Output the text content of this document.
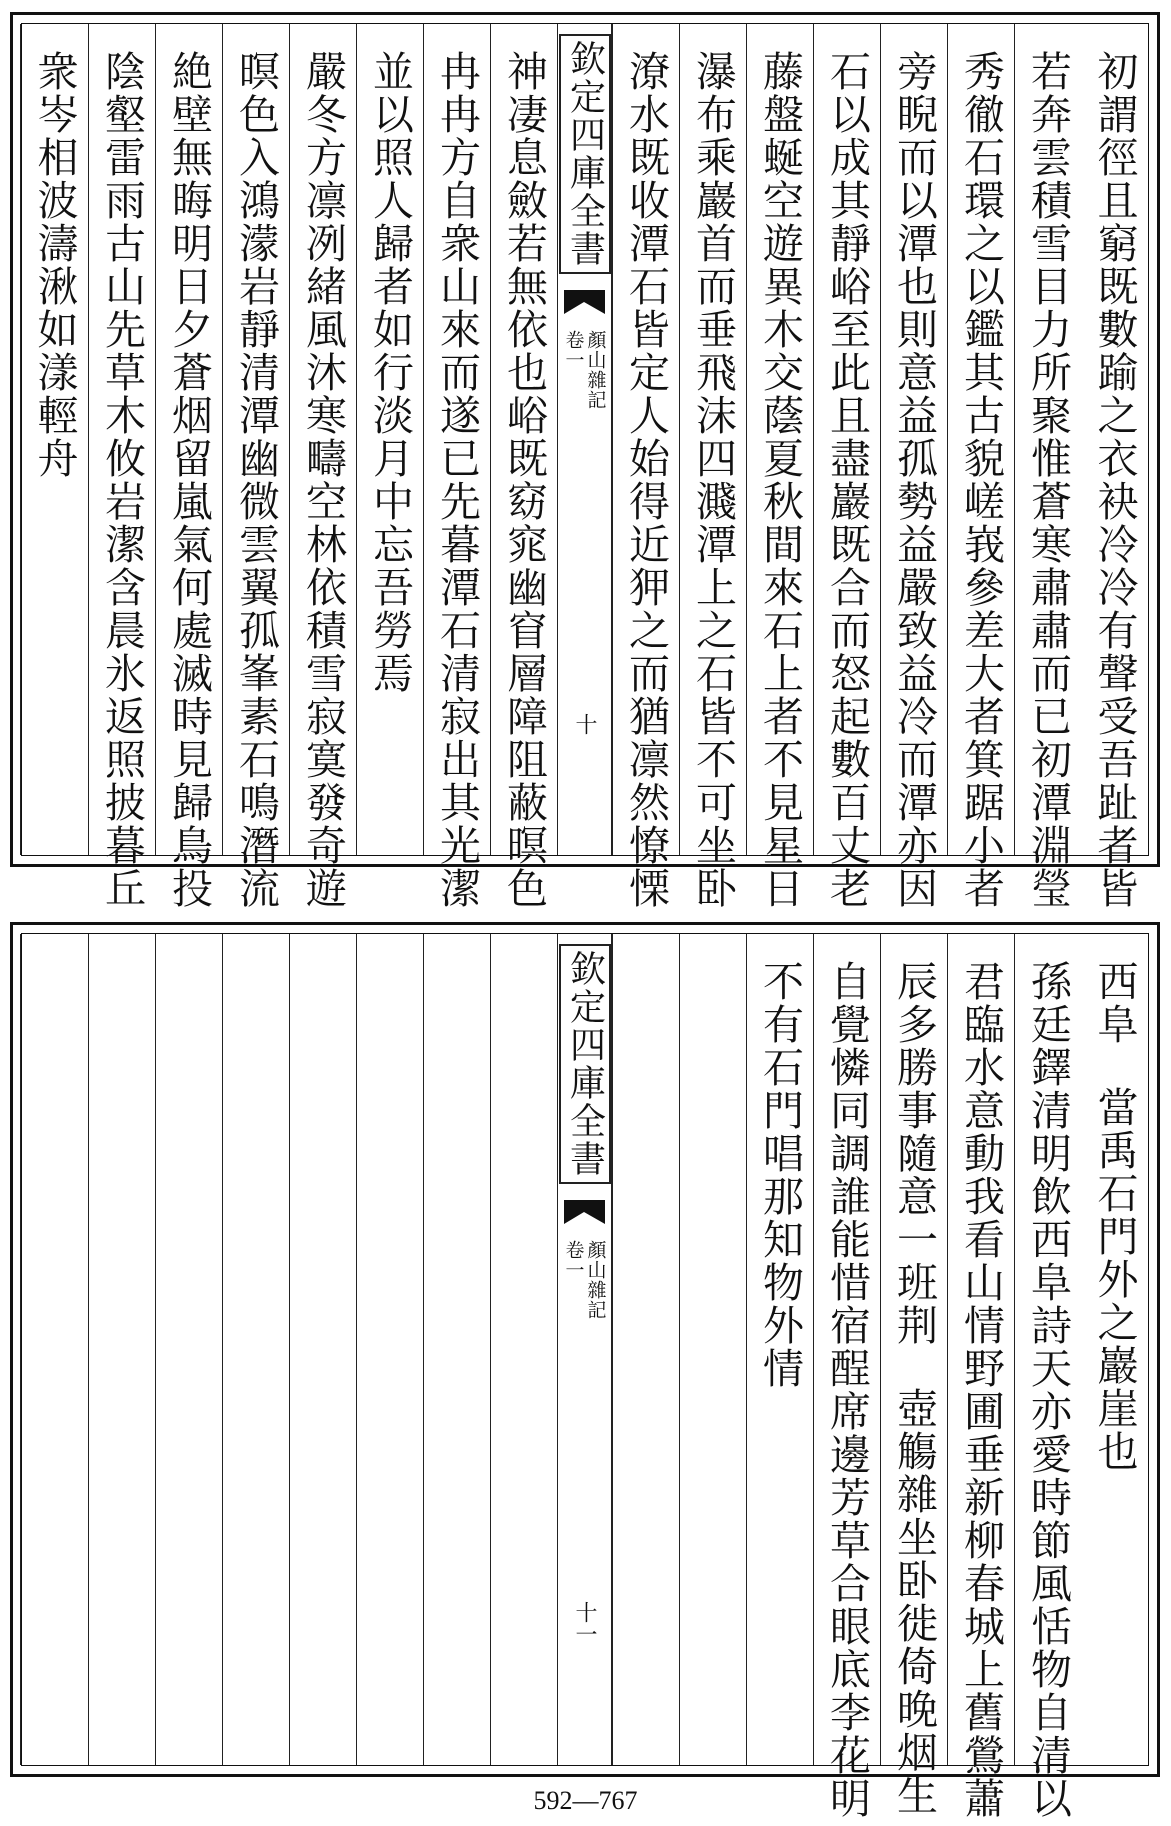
初謂徑且窮既數踰之衣袂冷冷有聲受吾趾者皆
若奔雲積雪目力所聚惟蒼寒肅肅而已初潭淵瑩
秀徹石環之以鑑其古貌嵯峩參差大者箕踞小者
旁睨而以潭也則意益孤勢益嚴致益冷而潭亦因
石以成其靜峪至此且盡巖既合而怒起數百丈老
藤盤蜒空遊異木交蔭夏秋間來石上者不見星日
瀑布乘巖首而垂飛沫四濺潭上之石皆不可坐卧
潦水既收潭石皆定人始得近狎之而猶凛然憭慄
欽定四庫全書
顏山雜記
卷一
十
神凄息斂若無依也峪既窈窕幽窅層障阻蔽暝色
冉冉方自衆山來而遂已先暮潭石清寂出其光潔
並以照人歸者如行淡月中忘吾勞焉
嚴冬方凛冽緒風沐寒疇空林依積雪寂寞發奇遊
暝色入鴻濛岩靜清潭幽微雲翼孤峯素石鳴潛流
絶壁無晦明日夕蒼烟留嵐氣何處滅時見歸鳥投
陰壑雷雨古山先草木攸岩潔含晨氷返照披暮丘
衆岑相波濤湫如漾輕舟
西阜
當禹石門外之巖崖也
孫廷鐸清明飲西阜詩天亦愛時節風恬物自清以
君臨水意動我看山情野圃垂新柳春城上舊鶯蕭
辰多勝事隨意一班荆
壺觴雜坐卧徙倚晚烟生
自覺憐同調誰能惜宿酲席邊芳草合眼底李花明
不有石門唱那知物外情
欽定四庫全書
顏山雜記
卷一
十一
592—767
